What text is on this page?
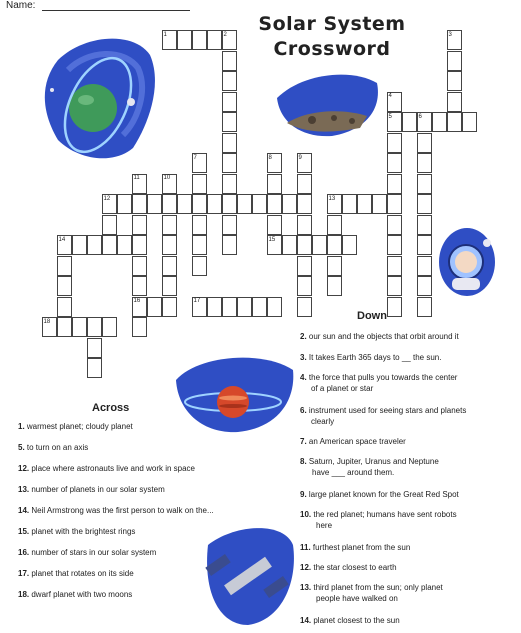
Name:
Solar System
Crossword
1	2	3
4
5	6
7	8	9
10
11
12	13
14	15
16	17
18
Across
1. warmest planet; cloudy planet
5. to turn on an axis
12. place where astronauts live and work in space
13. number of planets in our solar system
14. Neil Armstrong was the first person to walk on the...
15. planet with the brightest rings
16. number of stars in our solar system
17. planet that rotates on its side
18. dwarf planet with two moons
Down
2. our sun and the objects that orbit around it
3. It takes Earth 365 days to __ the sun.
4. the force that pulls you towards the center
of a planet or star
6. instrument used for seeing stars and planets
clearly
7. an American space traveler
8. Saturn, Jupiter, Uranus and Neptune
have ___ around them.
9. large planet known for the Great Red Spot
10. the red planet; humans have sent robots
here
11. furthest planet from the sun
12. the star closest to earth
13. third planet from the sun; only planet
people have walked on
14. planet closest to the sun
